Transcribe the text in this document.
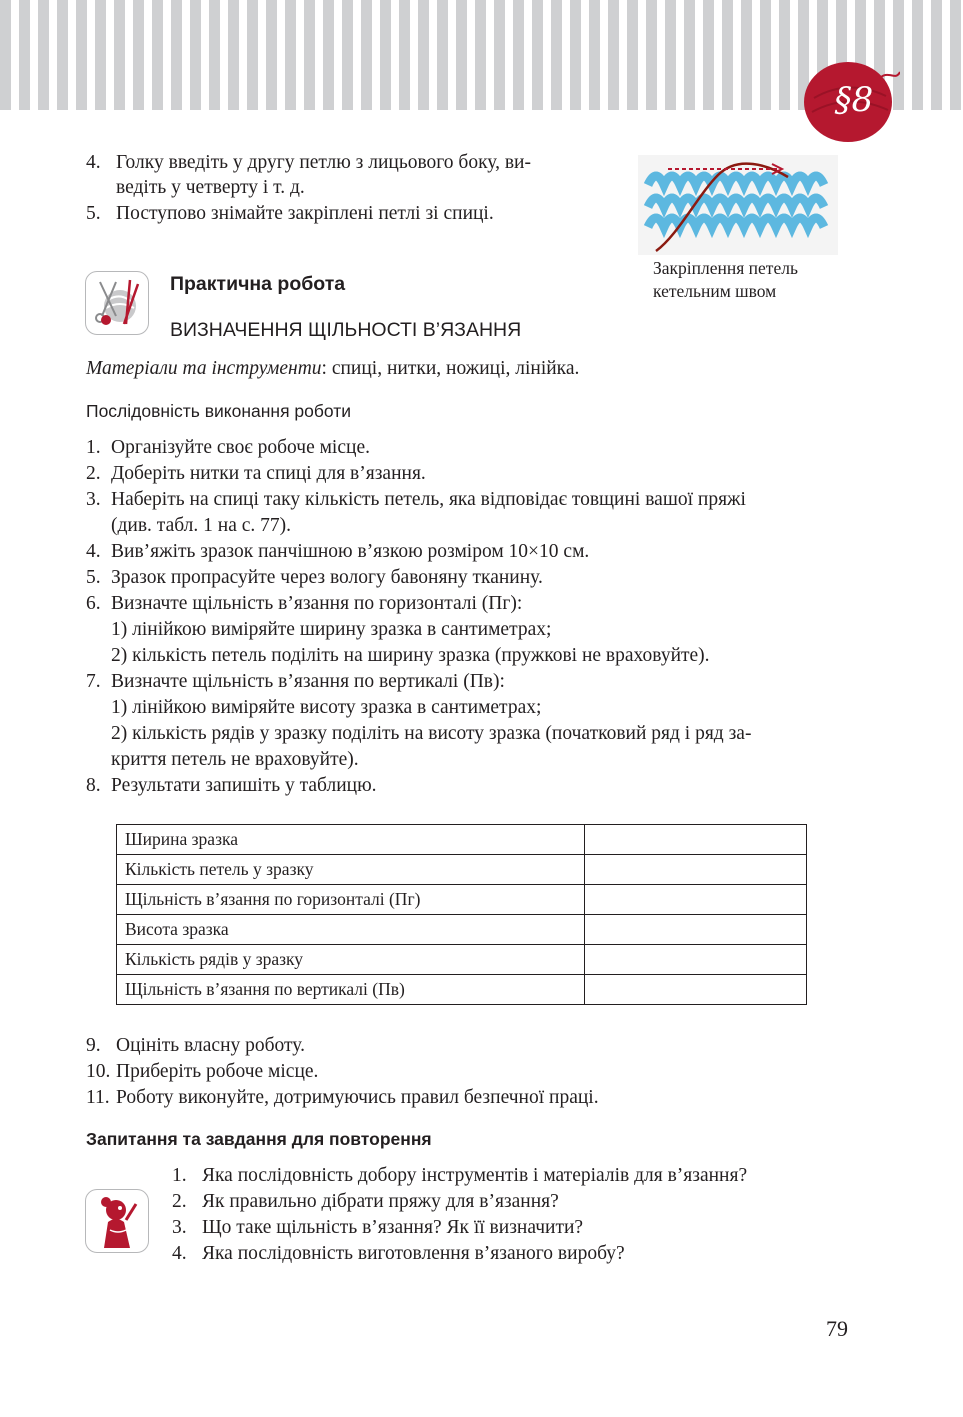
§8
4. Голку введіть у другу петлю з лицьового боку, ви-
ведіть у четверту і т. д.
5. Поступово знімайте закріплені петлі зі спиці.
Закріплення петель
кетельним швом
Практична робота
ВИЗНАЧЕННЯ ЩІЛЬНОСТІ В’ЯЗАННЯ
Матеріали та інструменти: спиці, нитки, ножиці, лінійка.
Послідовність виконання роботи
1. Організуйте своє робоче місце.
2. Доберіть нитки та спиці для в’язання.
3. Наберіть на спиці таку кількість петель, яка відповідає товщині вашої пряжі
(див. табл. 1 на с. 77).
4. Вив’яжіть зразок панчішною в’язкою розміром 10×10 см.
5. Зразок пропрасуйте через вологу бавоняну тканину.
6. Визначте щільність в’язання по горизонталі (Пг):
1) лінійкою виміряйте ширину зразка в сантиметрах;
2) кількість петель поділіть на ширину зразка (пружкові не враховуйте).
7. Визначте щільність в’язання по вертикалі (Пв):
1) лінійкою виміряйте висоту зразка в сантиметрах;
2) кількість рядів у зразку поділіть на висоту зразка (початковий ряд і ряд за-
криття петель не враховуйте).
8. Результати запишіть у таблицю.
Ширина зразка	
Кількість петель у зразку	
Щільність в’язання по горизонталі (Пг)	
Висота зразка	
Кількість рядів у зразку	
Щільність в’язання по вертикалі (Пв)	
9. Оцініть власну роботу.
10. Приберіть робоче місце.
11. Роботу виконуйте, дотримуючись правил безпечної праці.
Запитання та завдання для повторення
1. Яка послідовність добору інструментів і матеріалів для в’язання?
2. Як правильно дібрати пряжу для в’язання?
3. Що таке щільність в’язання? Як її визначити?
4. Яка послідовність виготовлення в’язаного виробу?
79
